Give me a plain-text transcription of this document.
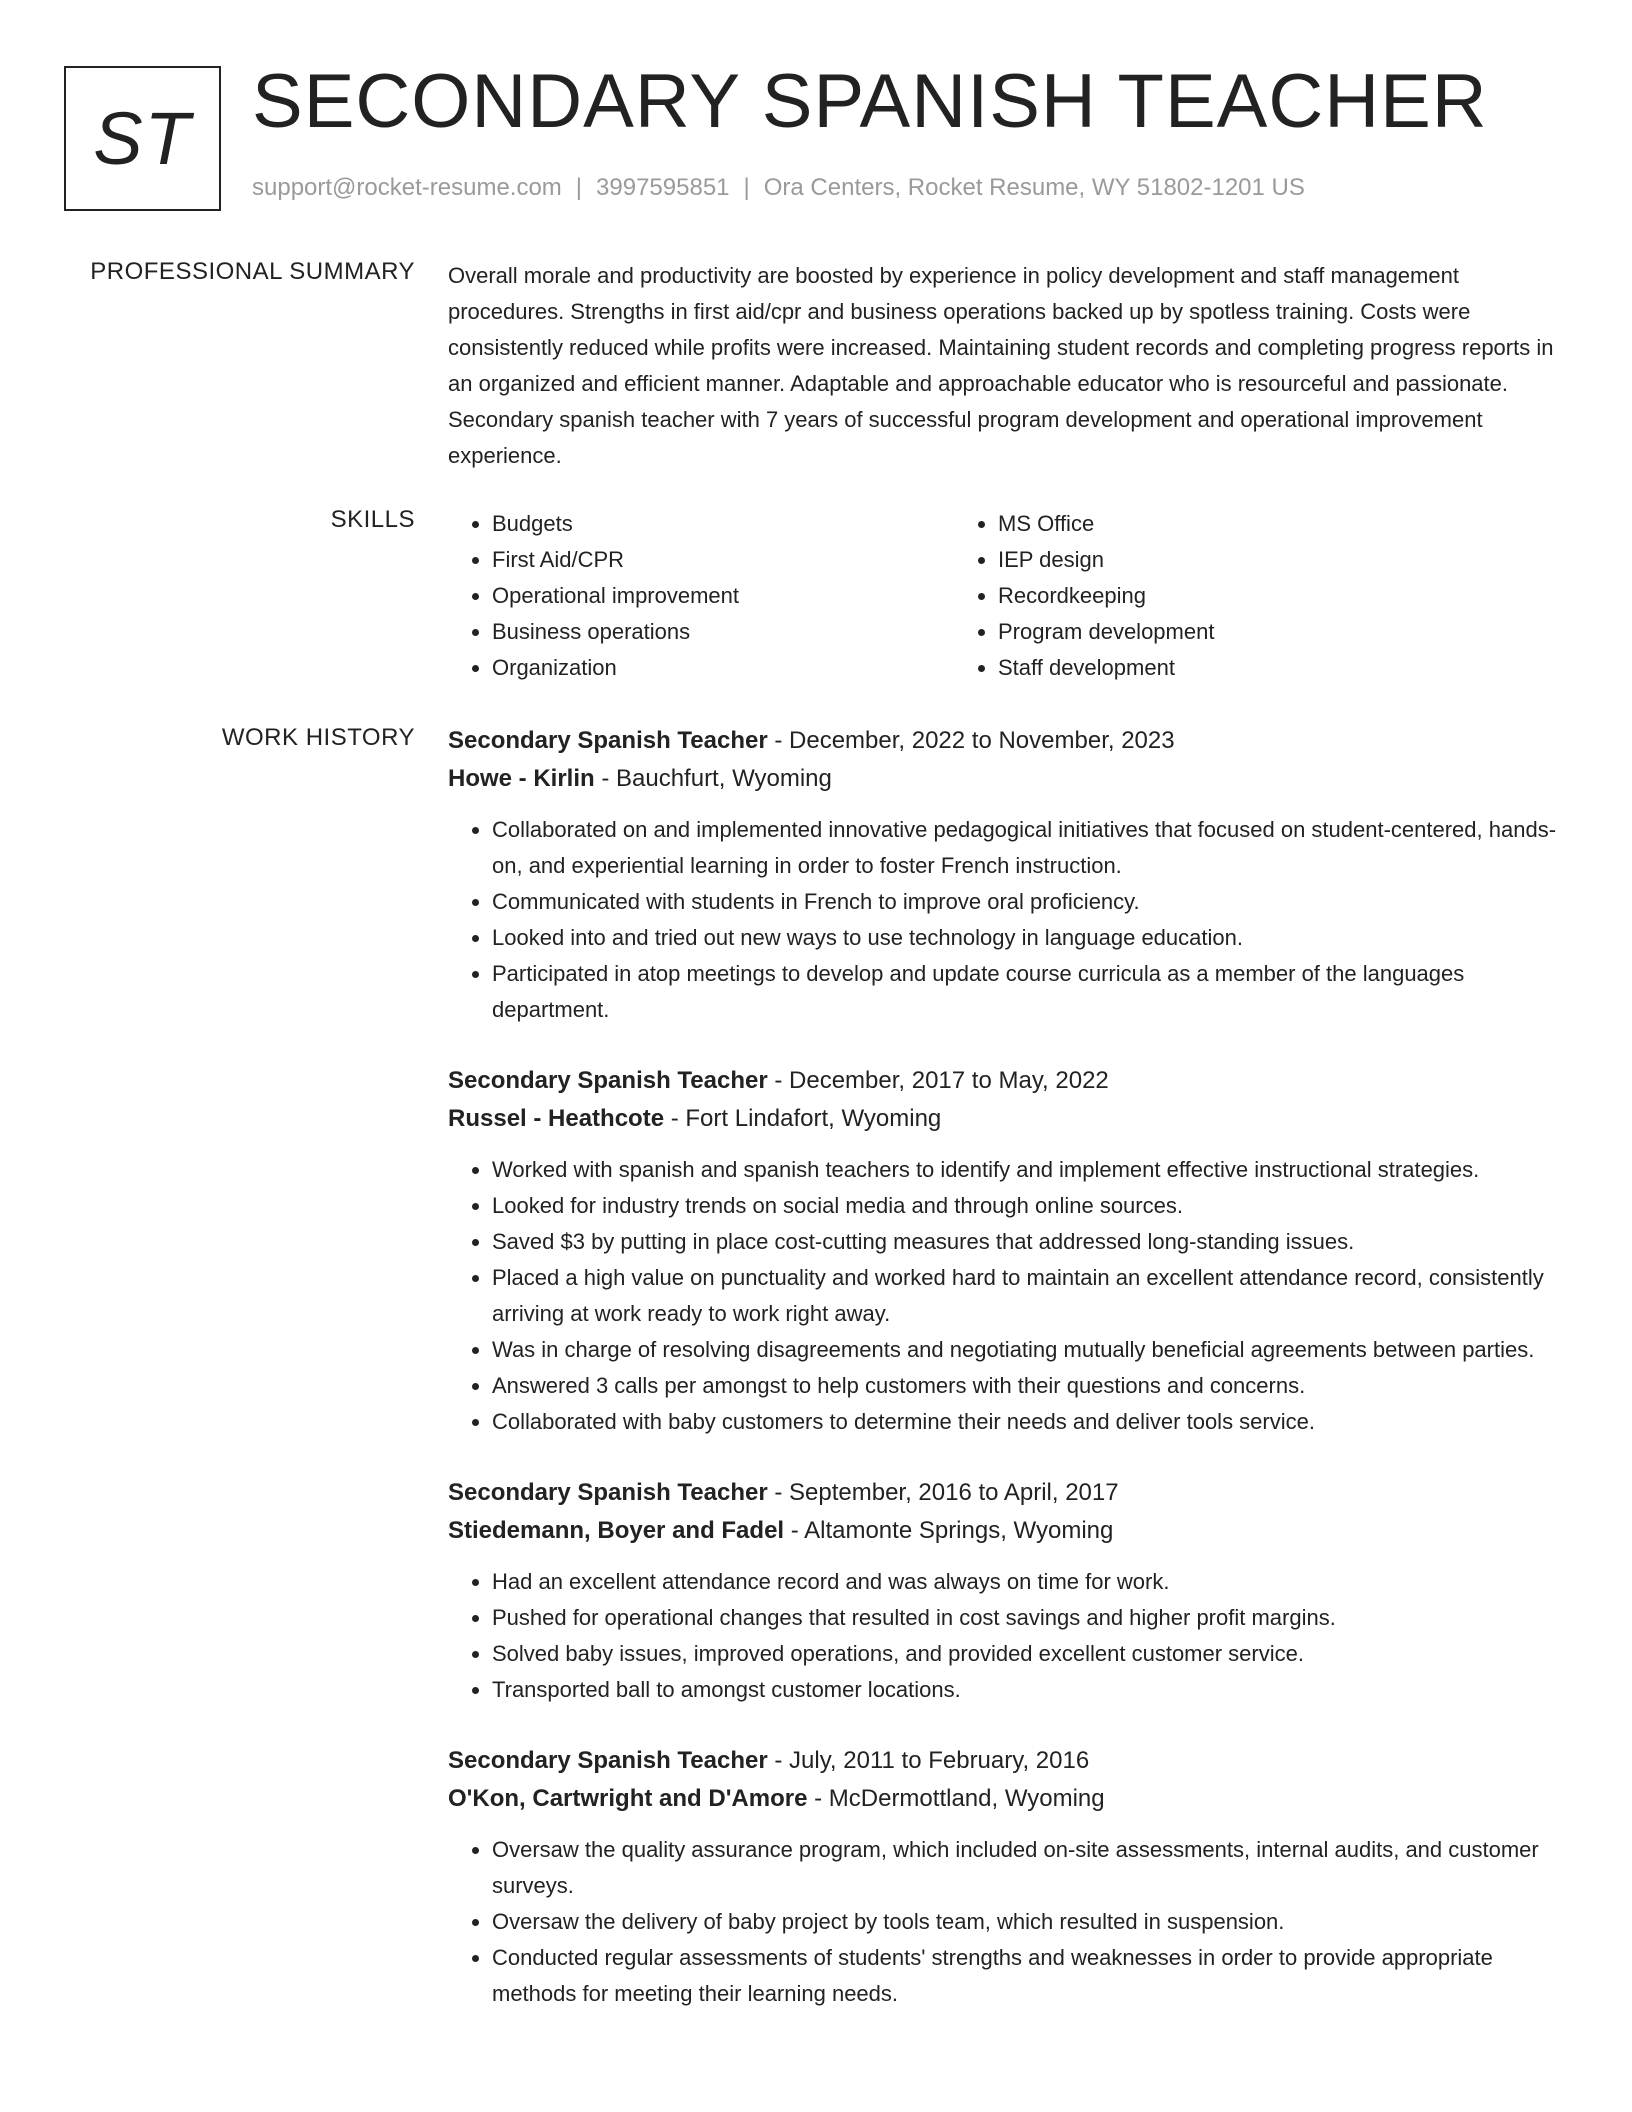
ST SECONDARY SPANISH TEACHER
support@rocket-resume.com | 3997595851 | Ora Centers, Rocket Resume, WY 51802-1201 US
PROFESSIONAL SUMMARY Overall morale and productivity are boosted by experience in policy development and staff management procedures. Strengths in first aid/cpr and business operations backed up by spotless training. Costs were consistently reduced while profits were increased. Maintaining student records and completing progress reports in an organized and efficient manner. Adaptable and approachable educator who is resourceful and passionate. Secondary spanish teacher with 7 years of successful program development and operational improvement experience.

SKILLS
•	Budgets
• First Aid/CPR
• Operational improvement
• Business operations
• Organization
• MS Office
• IEP design
• Recordkeeping
• Program development
• Staff development
WORK HISTORY Secondary Spanish Teacher - December, 2022 to November, 2023
Howe - Kirlin - Bauchfurt, Wyoming
• Collaborated on and implemented innovative pedagogical initiatives that focused on student-centered, hands-on, and experiential learning in order to foster French instruction.
• Communicated with students in French to improve oral proficiency.
• Looked into and tried out new ways to use technology in language education.
• Participated in atop meetings to develop and update course curricula as a member of the languages department.
Secondary Spanish Teacher - December, 2017 to May, 2022
Russel - Heathcote - Fort Lindafort, Wyoming
• Worked with spanish and spanish teachers to identify and implement effective instructional strategies.
• Looked for industry trends on social media and through online sources.
• Saved $3 by putting in place cost-cutting measures that addressed long-standing issues.
• Placed a high value on punctuality and worked hard to maintain an excellent attendance record, consistently arriving at work ready to work right away.
• Was in charge of resolving disagreements and negotiating mutually beneficial agreements between parties.
• Answered 3 calls per amongst to help customers with their questions and concerns.
• Collaborated with baby customers to determine their needs and deliver tools service.
Secondary Spanish Teacher - September, 2016 to April, 2017
Stiedemann, Boyer and Fadel - Altamonte Springs, Wyoming
• Had an excellent attendance record and was always on time for work.
• Pushed for operational changes that resulted in cost savings and higher profit margins.
• Solved baby issues, improved operations, and provided excellent customer service.
• Transported ball to amongst customer locations.
Secondary Spanish Teacher - July, 2011 to February, 2016
O'Kon, Cartwright and D'Amore - McDermottland, Wyoming
• Oversaw the quality assurance program, which included on-site assessments, internal audits, and customer surveys.
• Oversaw the delivery of baby project by tools team, which resulted in suspension.
• Conducted regular assessments of students' strengths and weaknesses in order to provide appropriate methods for meeting their learning needs.
